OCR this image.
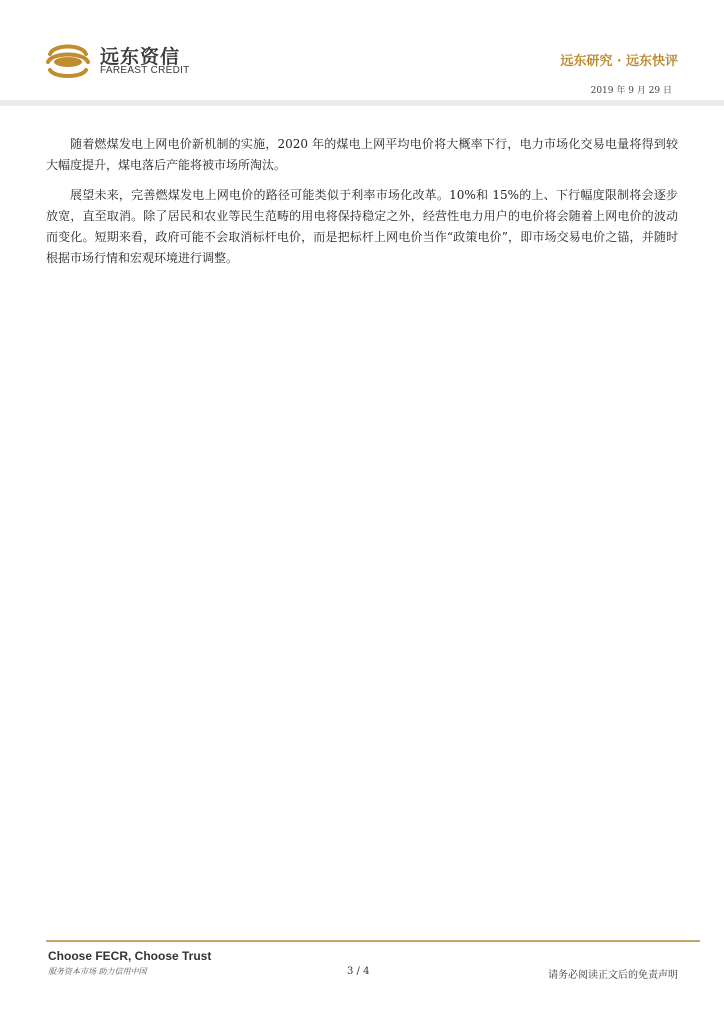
远东资信
FAREAST CREDIT
远东研究 · 远东快评
2019 年 9 月 29 日

随着燃煤发电上网电价新机制的实施，2020 年的煤电上网平均电价将大概率下行，电力市场化交易电量将得到较大幅度提升，煤电落后产能将被市场所淘汰。

展望未来，完善燃煤发电上网电价的路径可能类似于利率市场化改革。10%和 15%的上、下行幅度限制将会逐步放宽，直至取消。除了居民和农业等民生范畴的用电将保持稳定之外，经营性电力用户的电价将会随着上网电价的波动而变化。短期来看，政府可能不会取消标杆电价，而是把标杆上网电价当作“政策电价”，即市场交易电价之锚，并随时根据市场行情和宏观环境进行调整。

Choose FECR, Choose Trust
服务资本市场 助力信用中国	3 / 4	请务必阅读正文后的免责声明
